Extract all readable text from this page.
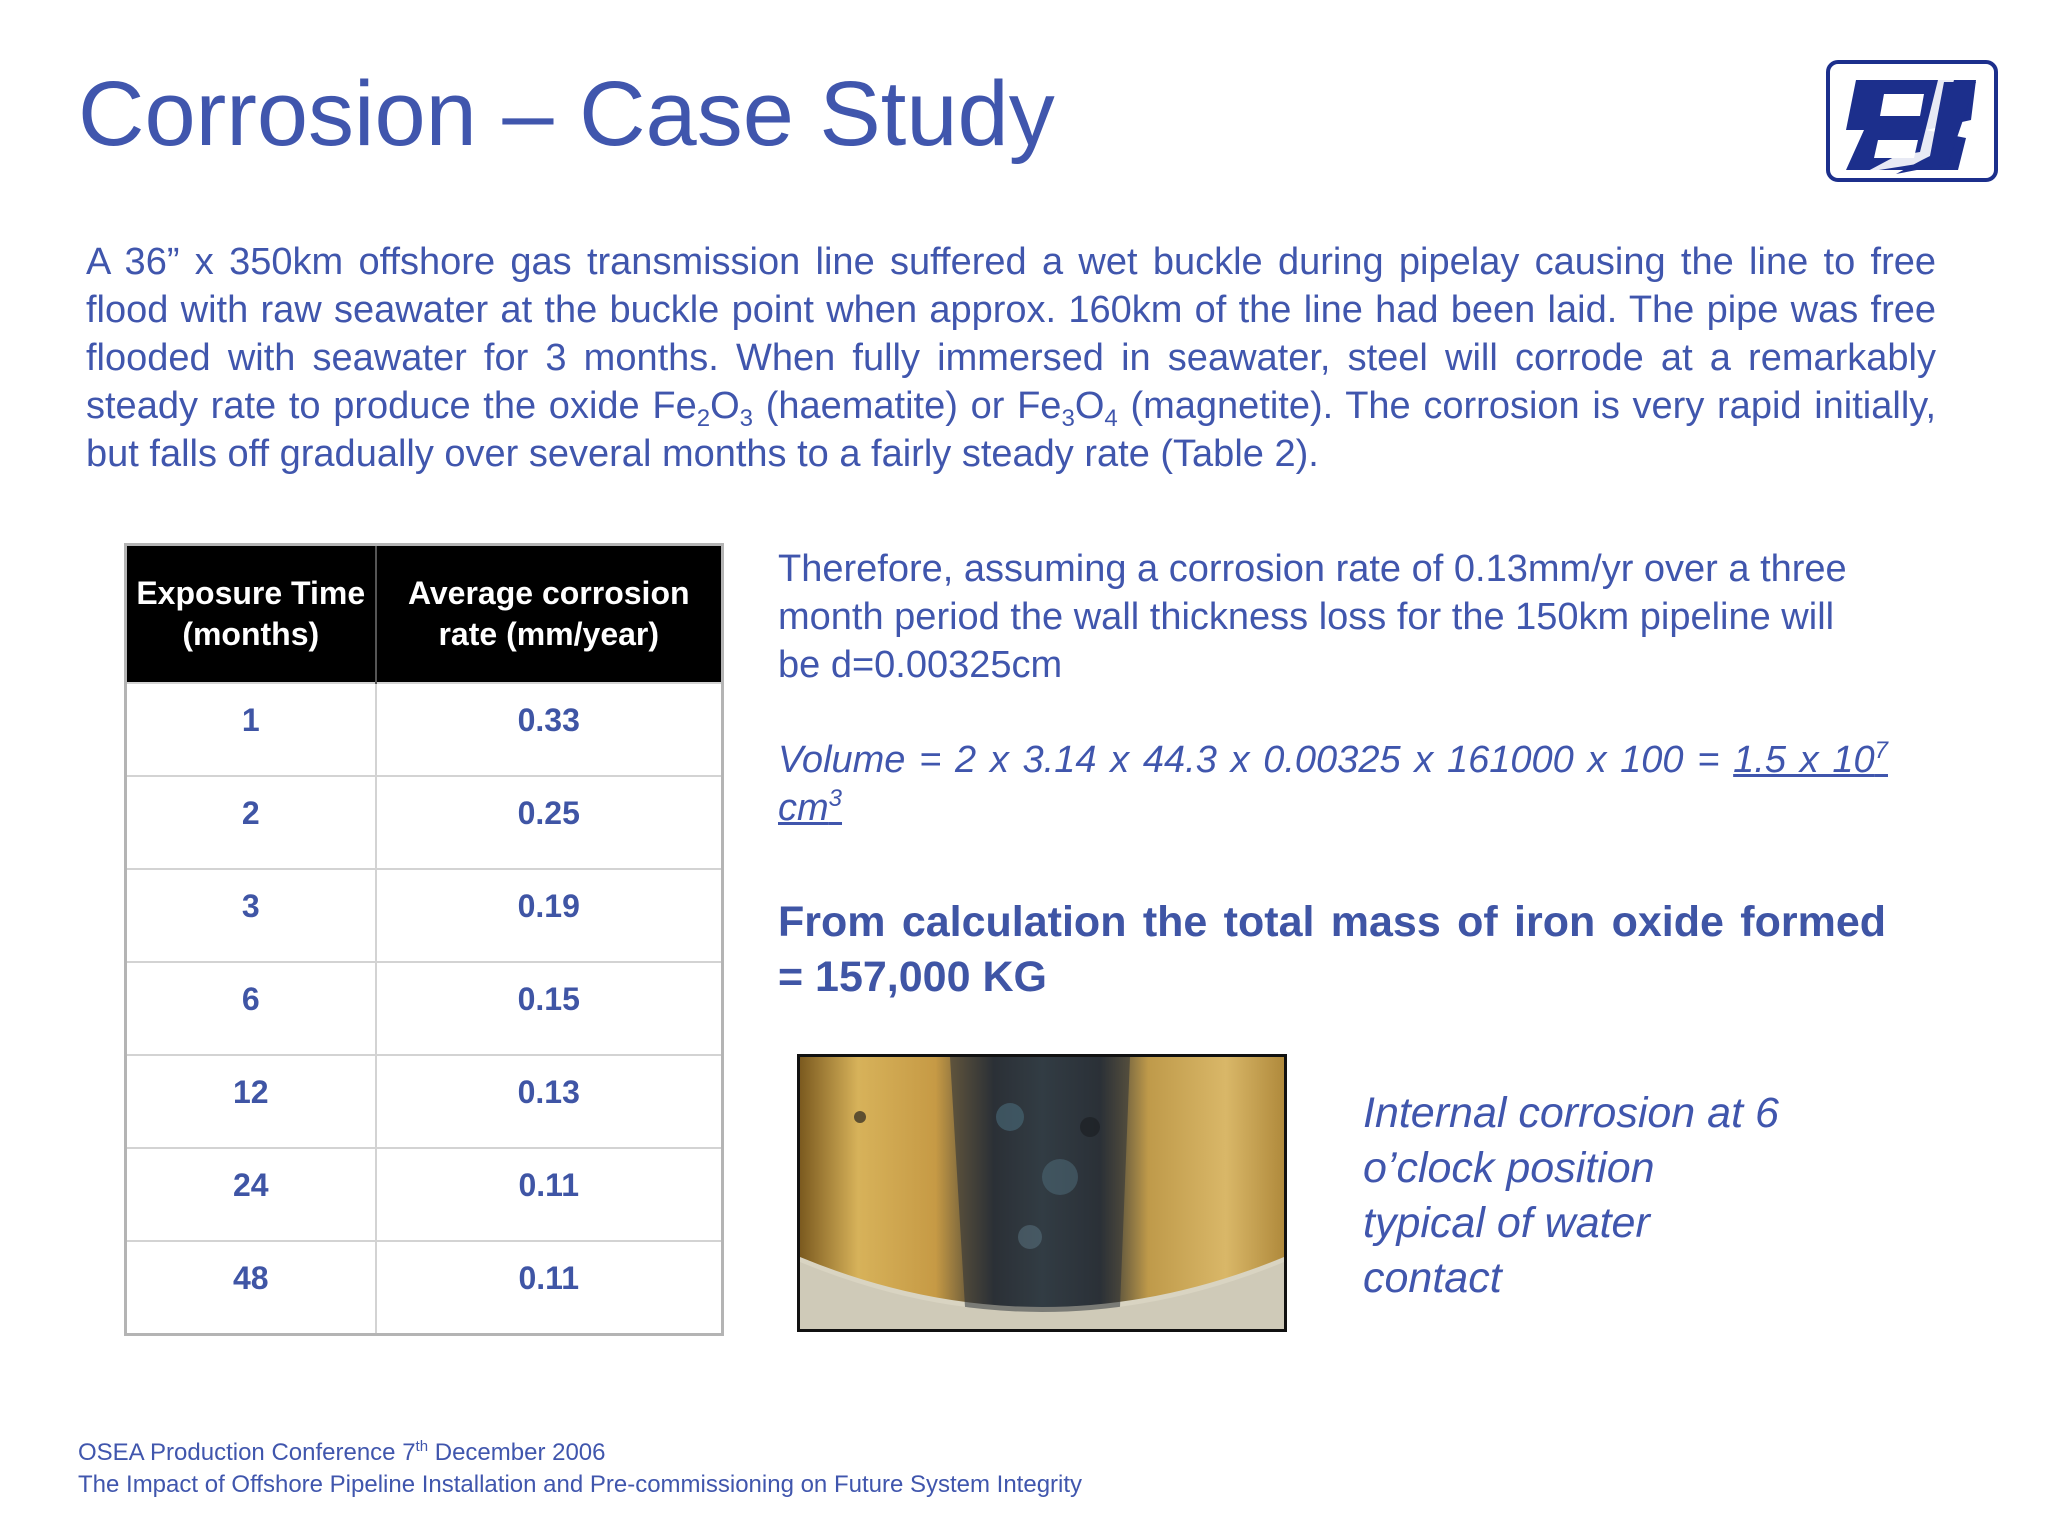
Corrosion – Case Study
A 36” x 350km offshore gas transmission line suffered a wet buckle during pipelay causing the line to free flood with raw seawater at the buckle point when approx. 160km of the line had been laid. The pipe was free flooded with seawater for 3 months. When fully immersed in seawater, steel will corrode at a remarkably steady rate to produce the oxide $Fe_2O_3$ (haematite) or $Fe_3O_4$ (magnetite). The corrosion is very rapid initially, but falls off gradually over several months to a fairly steady rate (Table 2).
Exposure Time (months)	Average corrosion rate (mm/year)
1	0.33
2	0.25
3	0.19
6	0.15
12	0.13
24	0.11
48	0.11
Therefore, assuming a corrosion rate of 0.13mm/yr over a three month period the wall thickness loss for the 150km pipeline will be d=0.00325cm
Volume = 2 x 3.14 x 44.3 x 0.00325 x 161000 x 100 = 1.5 x $10^7$ $cm^3$
From calculation the total mass of iron oxide formed = 157,000 KG
Internal corrosion at 6 o’clock position typical of water contact
OSEA Production Conference 7th December 2006
The Impact of Offshore Pipeline Installation and Pre-commissioning on Future System Integrity
